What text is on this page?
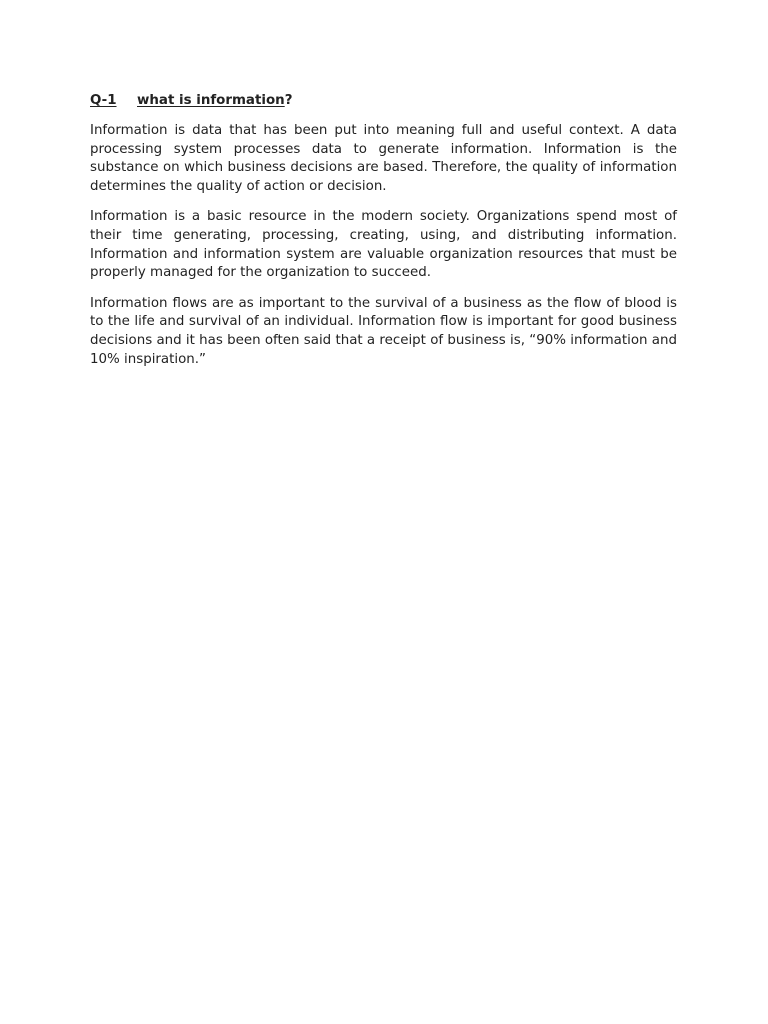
Q-1	what is information ?

Information is data that has been put into meaning full and useful context. A data processing system processes data to generate information. Information is the substance on which business decisions are based. Therefore, the quality of information determines the quality of action or decision.

Information is a basic resource in the modern society. Organizations spend most of their time generating, processing, creating, using, and distributing information. Information and information system are valuable organization resources that must be properly managed for the organization to succeed.

Information flows are as important to the survival of a business as the flow of blood is to the life and survival of an individual. Information flow is important for good business decisions and it has been often said that a receipt of business is, “90% information and 10% inspiration.”
